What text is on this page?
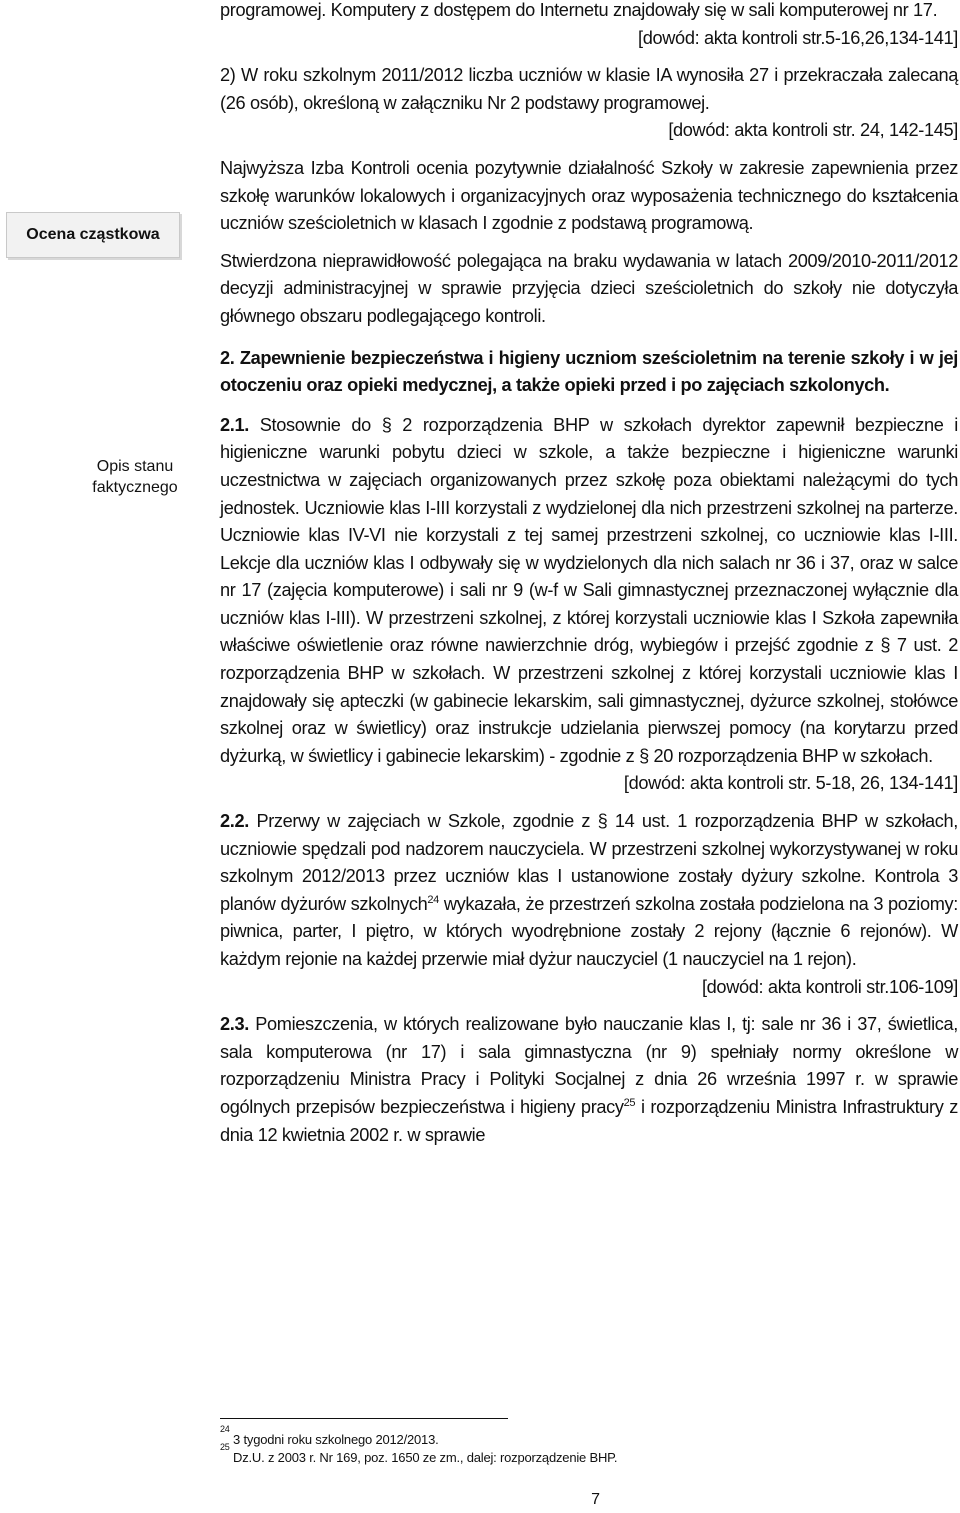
Ocena cząstkowa
Opis stanu faktycznego

programowej. Komputery z dostępem do Internetu znajdowały się w sali komputerowej nr 17.

[dowód: akta kontroli str.5-16,26,134-141]

2) W roku szkolnym 2011/2012 liczba uczniów w klasie IA wynosiła 27 i przekraczała zalecaną (26 osób), określoną w załączniku Nr 2 podstawy programowej.

[dowód: akta kontroli str. 24, 142-145]

Najwyższa Izba Kontroli ocenia pozytywnie działalność Szkoły w zakresie zapewnienia przez szkołę warunków lokalowych i organizacyjnych oraz wyposażenia technicznego do kształcenia uczniów sześcioletnich w klasach I zgodnie z podstawą programową.

Stwierdzona nieprawidłowość polegająca na braku wydawania w latach 2009/2010-2011/2012 decyzji administracyjnej w sprawie przyjęcia dzieci sześcioletnich do szkoły nie dotyczyła głównego obszaru podlegającego kontroli.

2. Zapewnienie bezpieczeństwa i higieny uczniom sześcioletnim na terenie szkoły i w jej otoczeniu oraz opieki medycznej, a także opieki przed i po zajęciach szkolonych.

2.1. Stosownie do § 2 rozporządzenia BHP w szkołach dyrektor zapewnił bezpieczne i higieniczne warunki pobytu dzieci w szkole, a także bezpieczne i higieniczne warunki uczestnictwa w zajęciach organizowanych przez szkołę poza obiektami należącymi do tych jednostek. Uczniowie klas I-III korzystali z wydzielonej dla nich przestrzeni szkolnej na parterze. Uczniowie klas IV-VI nie korzystali z tej samej przestrzeni szkolnej, co uczniowie klas I-III. Lekcje dla uczniów klas I odbywały się w wydzielonych dla nich salach nr 36 i 37, oraz w salce nr 17 (zajęcia komputerowe) i sali nr 9 (w-f w Sali gimnastycznej przeznaczonej wyłącznie dla uczniów klas I-III). W przestrzeni szkolnej, z której korzystali uczniowie klas I Szkoła zapewniła właściwe oświetlenie oraz równe nawierzchnie dróg, wybiegów i przejść zgodnie z § 7 ust. 2 rozporządzenia BHP w szkołach. W przestrzeni szkolnej z której korzystali uczniowie klas I znajdowały się apteczki (w gabinecie lekarskim, sali gimnastycznej, dyżurce szkolnej, stołówce szkolnej oraz w świetlicy) oraz instrukcje udzielania pierwszej pomocy (na korytarzu przed dyżurką, w świetlicy i gabinecie lekarskim) - zgodnie z § 20 rozporządzenia BHP w szkołach.

[dowód: akta kontroli str. 5-18, 26, 134-141]

2.2. Przerwy w zajęciach w Szkole, zgodnie z § 14 ust. 1 rozporządzenia BHP w szkołach, uczniowie spędzali pod nadzorem nauczyciela. W przestrzeni szkolnej wykorzystywanej w roku szkolnym 2012/2013 przez uczniów klas I ustanowione zostały dyżury szkolne. Kontrola 3 planów dyżurów szkolnych$^{24}$ wykazała, że przestrzeń szkolna została podzielona na 3 poziomy: piwnica, parter, I piętro, w których wyodrębnione zostały 2 rejony (łącznie 6 rejonów). W każdym rejonie na każdej przerwie miał dyżur nauczyciel (1 nauczyciel na 1 rejon).

[dowód: akta kontroli str.106-109]

2.3. Pomieszczenia, w których realizowane było nauczanie klas I, tj: sale nr 36 i 37, świetlica, sala komputerowa (nr 17) i sala gimnastyczna (nr 9) spełniały normy określone w rozporządzeniu Ministra Pracy i Polityki Socjalnej z dnia 26 września 1997 r. w sprawie ogólnych przepisów bezpieczeństwa i higieny pracy$^{25}$ i rozporządzeniu Ministra Infrastruktury z dnia 12 kwietnia 2002 r. w sprawie

$^{24}$ 3 tygodni roku szkolnego 2012/2013.
$^{25}$ Dz.U. z 2003 r. Nr 169, poz. 1650 ze zm., dalej: rozporządzenie BHP.
7
